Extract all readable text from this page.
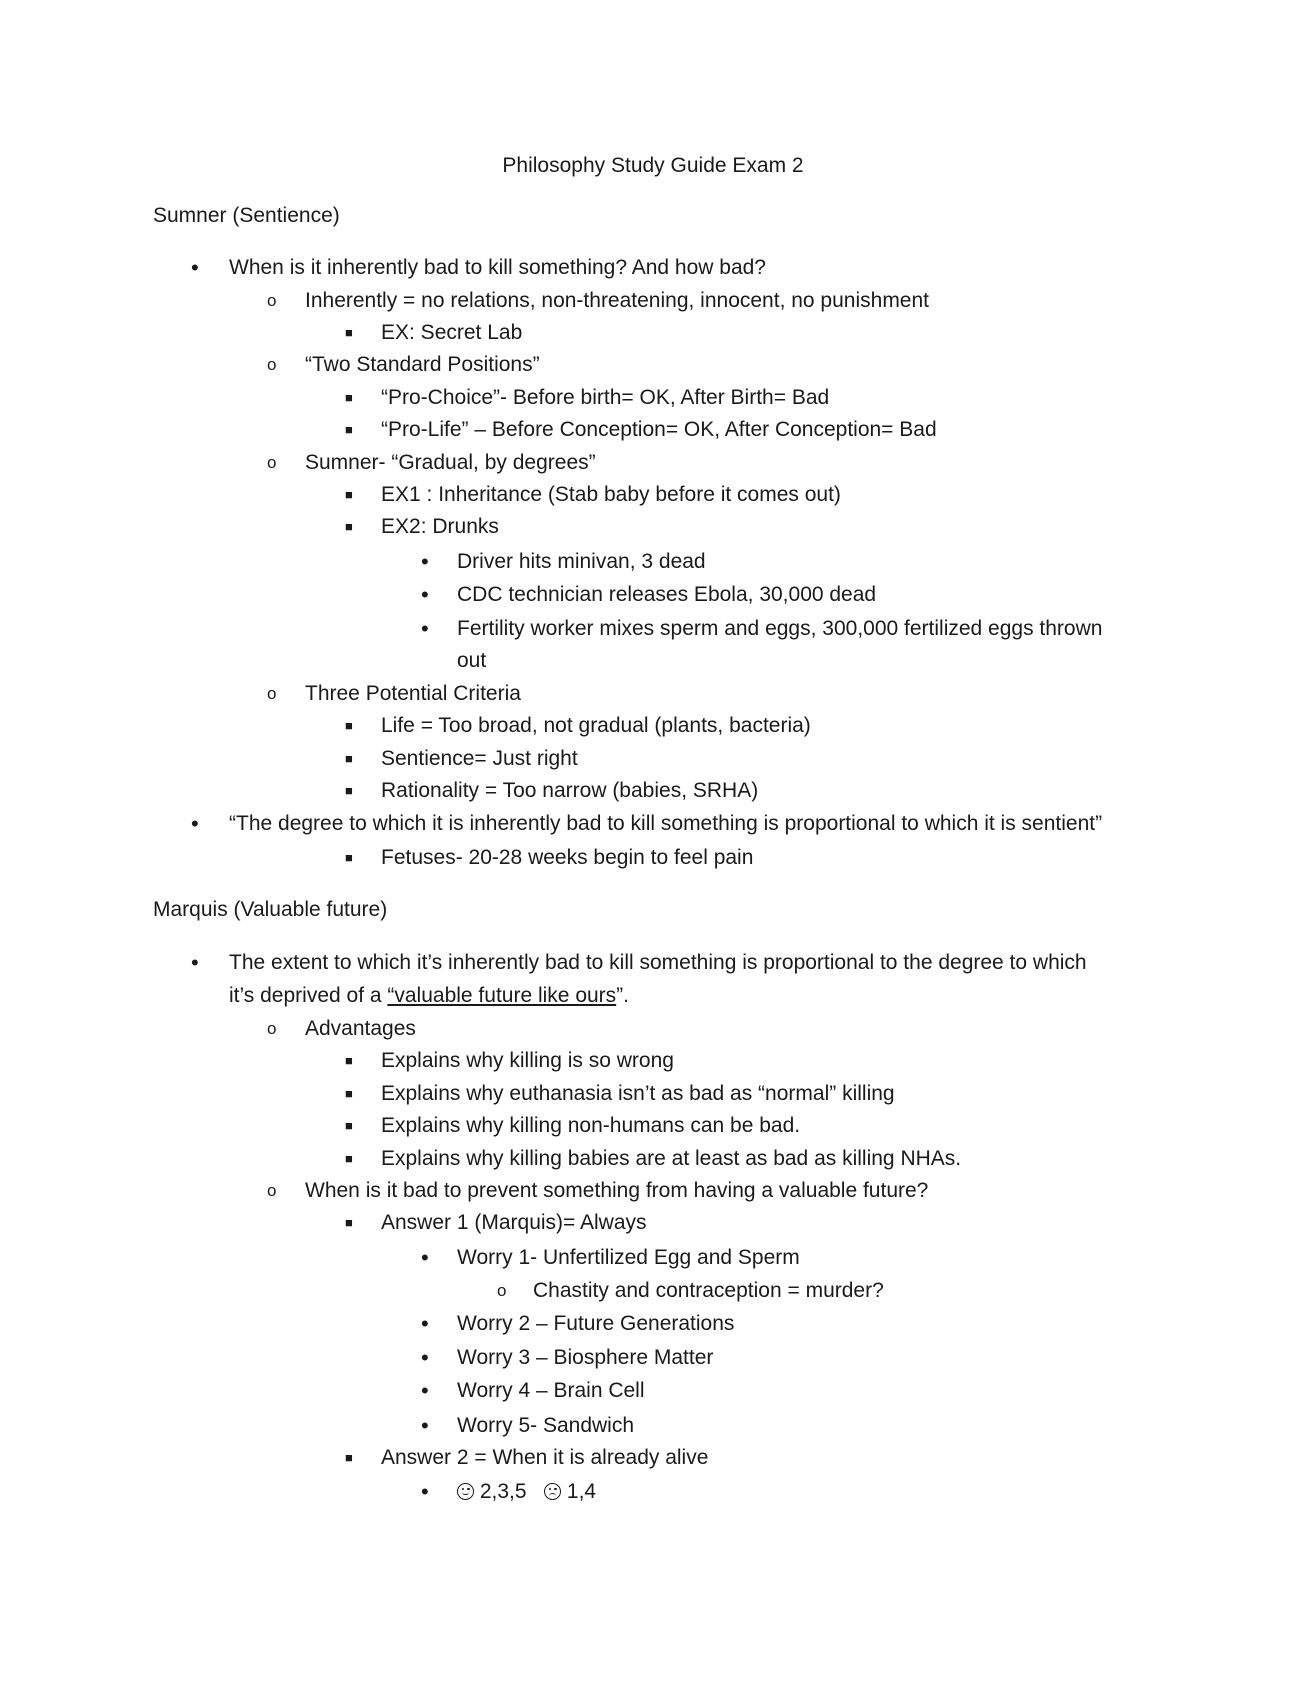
Philosophy Study Guide Exam 2
Sumner (Sentience)
• When is it inherently bad to kill something? And how bad?
o Inherently = no relations, non-threatening, innocent, no punishment
■ EX: Secret Lab
o “Two Standard Positions”
■ “Pro-Choice”- Before birth= OK, After Birth= Bad
■ “Pro-Life” – Before Conception= OK, After Conception= Bad
o Sumner- “Gradual, by degrees”
■ EX1 : Inheritance (Stab baby before it comes out)
■ EX2: Drunks
• Driver hits minivan, 3 dead
• CDC technician releases Ebola, 30,000 dead
• Fertility worker mixes sperm and eggs, 300,000 fertilized eggs thrown
out
o Three Potential Criteria
■ Life = Too broad, not gradual (plants, bacteria)
■ Sentience= Just right
■ Rationality = Too narrow (babies, SRHA)
• “The degree to which it is inherently bad to kill something is proportional to which it is sentient”
■ Fetuses- 20-28 weeks begin to feel pain
Marquis (Valuable future)
• The extent to which it’s inherently bad to kill something is proportional to the degree to which
it’s deprived of a “valuable future like ours”.
o Advantages
■ Explains why killing is so wrong
■ Explains why euthanasia isn’t as bad as “normal” killing
■ Explains why killing non-humans can be bad.
■ Explains why killing babies are at least as bad as killing NHAs.
o When is it bad to prevent something from having a valuable future?
■ Answer 1 (Marquis)= Always
• Worry 1- Unfertilized Egg and Sperm
o Chastity and contraception = murder?
• Worry 2 – Future Generations
• Worry 3 – Biosphere Matter
• Worry 4 – Brain Cell
• Worry 5- Sandwich
■ Answer 2 = When it is already alive
• 2,3,5 1,4
